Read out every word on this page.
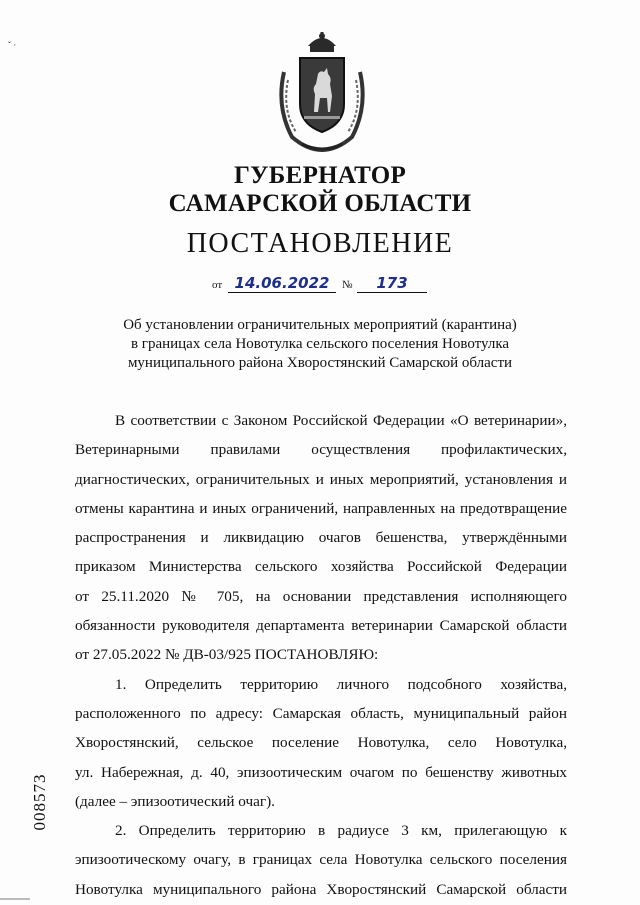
ˇ ·
ГУБЕРНАТОР
САМАРСКОЙ ОБЛАСТИ
ПОСТАНОВЛЕНИЕ
от 14.06.2022	№	173
Об установлении ограничительных мероприятий (карантина)
в границах села Новотулка сельского поселения Новотулка
муниципального района Хворостянский Самарской области

В соответствии с Законом Российской Федерации «О ветеринарии»,

Ветеринарными правилами осуществления профилактических,

диагностических, ограничительных и иных мероприятий, установления и

отмены карантина и иных ограничений, направленных на предотвращение

распространения и ликвидацию очагов бешенства, утверждёнными

приказом Министерства сельского хозяйства Российской Федерации

от 25.11.2020 № 705, на основании представления исполняющего

обязанности руководителя департамента ветеринарии Самарской области

от 27.05.2022 № ДВ-03/925 ПОСТАНОВЛЯЮ:

1. Определить территорию личного подсобного хозяйства,

расположенного по адресу: Самарская область, муниципальный район

Хворостянский, сельское поселение Новотулка, село Новотулка,

ул. Набережная, д. 40, эпизоотическим очагом по бешенству животных

(далее – эпизоотический очаг).

2. Определить территорию в радиусе 3 км, прилегающую к

эпизоотическому очагу, в границах села Новотулка сельского поселения

Новотулка муниципального района Хворостянский Самарской области

008573
